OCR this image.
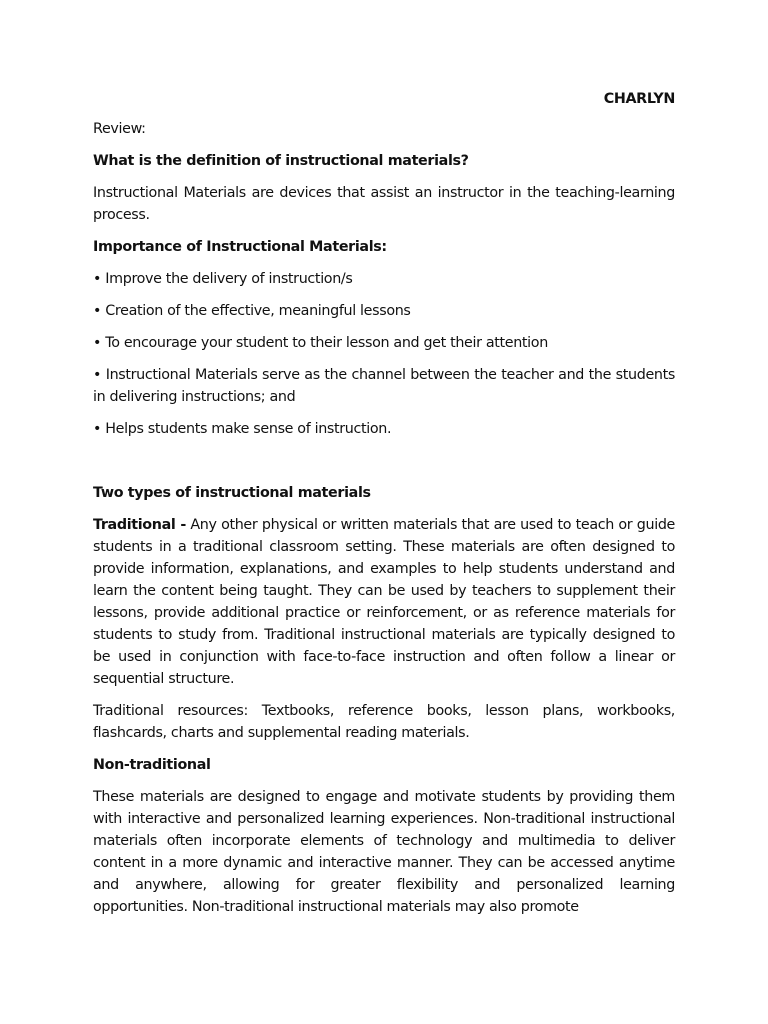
CHARLYN

Review:

What is the definition of instructional materials?

Instructional Materials are devices that assist an instructor in the teaching-learning process.

Importance of Instructional Materials:

• Improve the delivery of instruction/s

• Creation of the effective, meaningful lessons

• To encourage your student to their lesson and get their attention

• Instructional Materials serve as the channel between the teacher and the students in delivering instructions; and

• Helps students make sense of instruction.

Two types of instructional materials

Traditional - Any other physical or written materials that are used to teach or guide students in a traditional classroom setting. These materials are often designed to provide information, explanations, and examples to help students understand and learn the content being taught. They can be used by teachers to supplement their lessons, provide additional practice or reinforcement, or as reference materials for students to study from. Traditional instructional materials are typically designed to be used in conjunction with face-to-face instruction and often follow a linear or sequential structure.

Traditional resources: Textbooks, reference books, lesson plans, workbooks, flashcards, charts and supplemental reading materials.

Non-traditional

These materials are designed to engage and motivate students by providing them with interactive and personalized learning experiences. Non-traditional instructional materials often incorporate elements of technology and multimedia to deliver content in a more dynamic and interactive manner. They can be accessed anytime and anywhere, allowing for greater flexibility and personalized learning opportunities. Non-traditional instructional materials may also promote
